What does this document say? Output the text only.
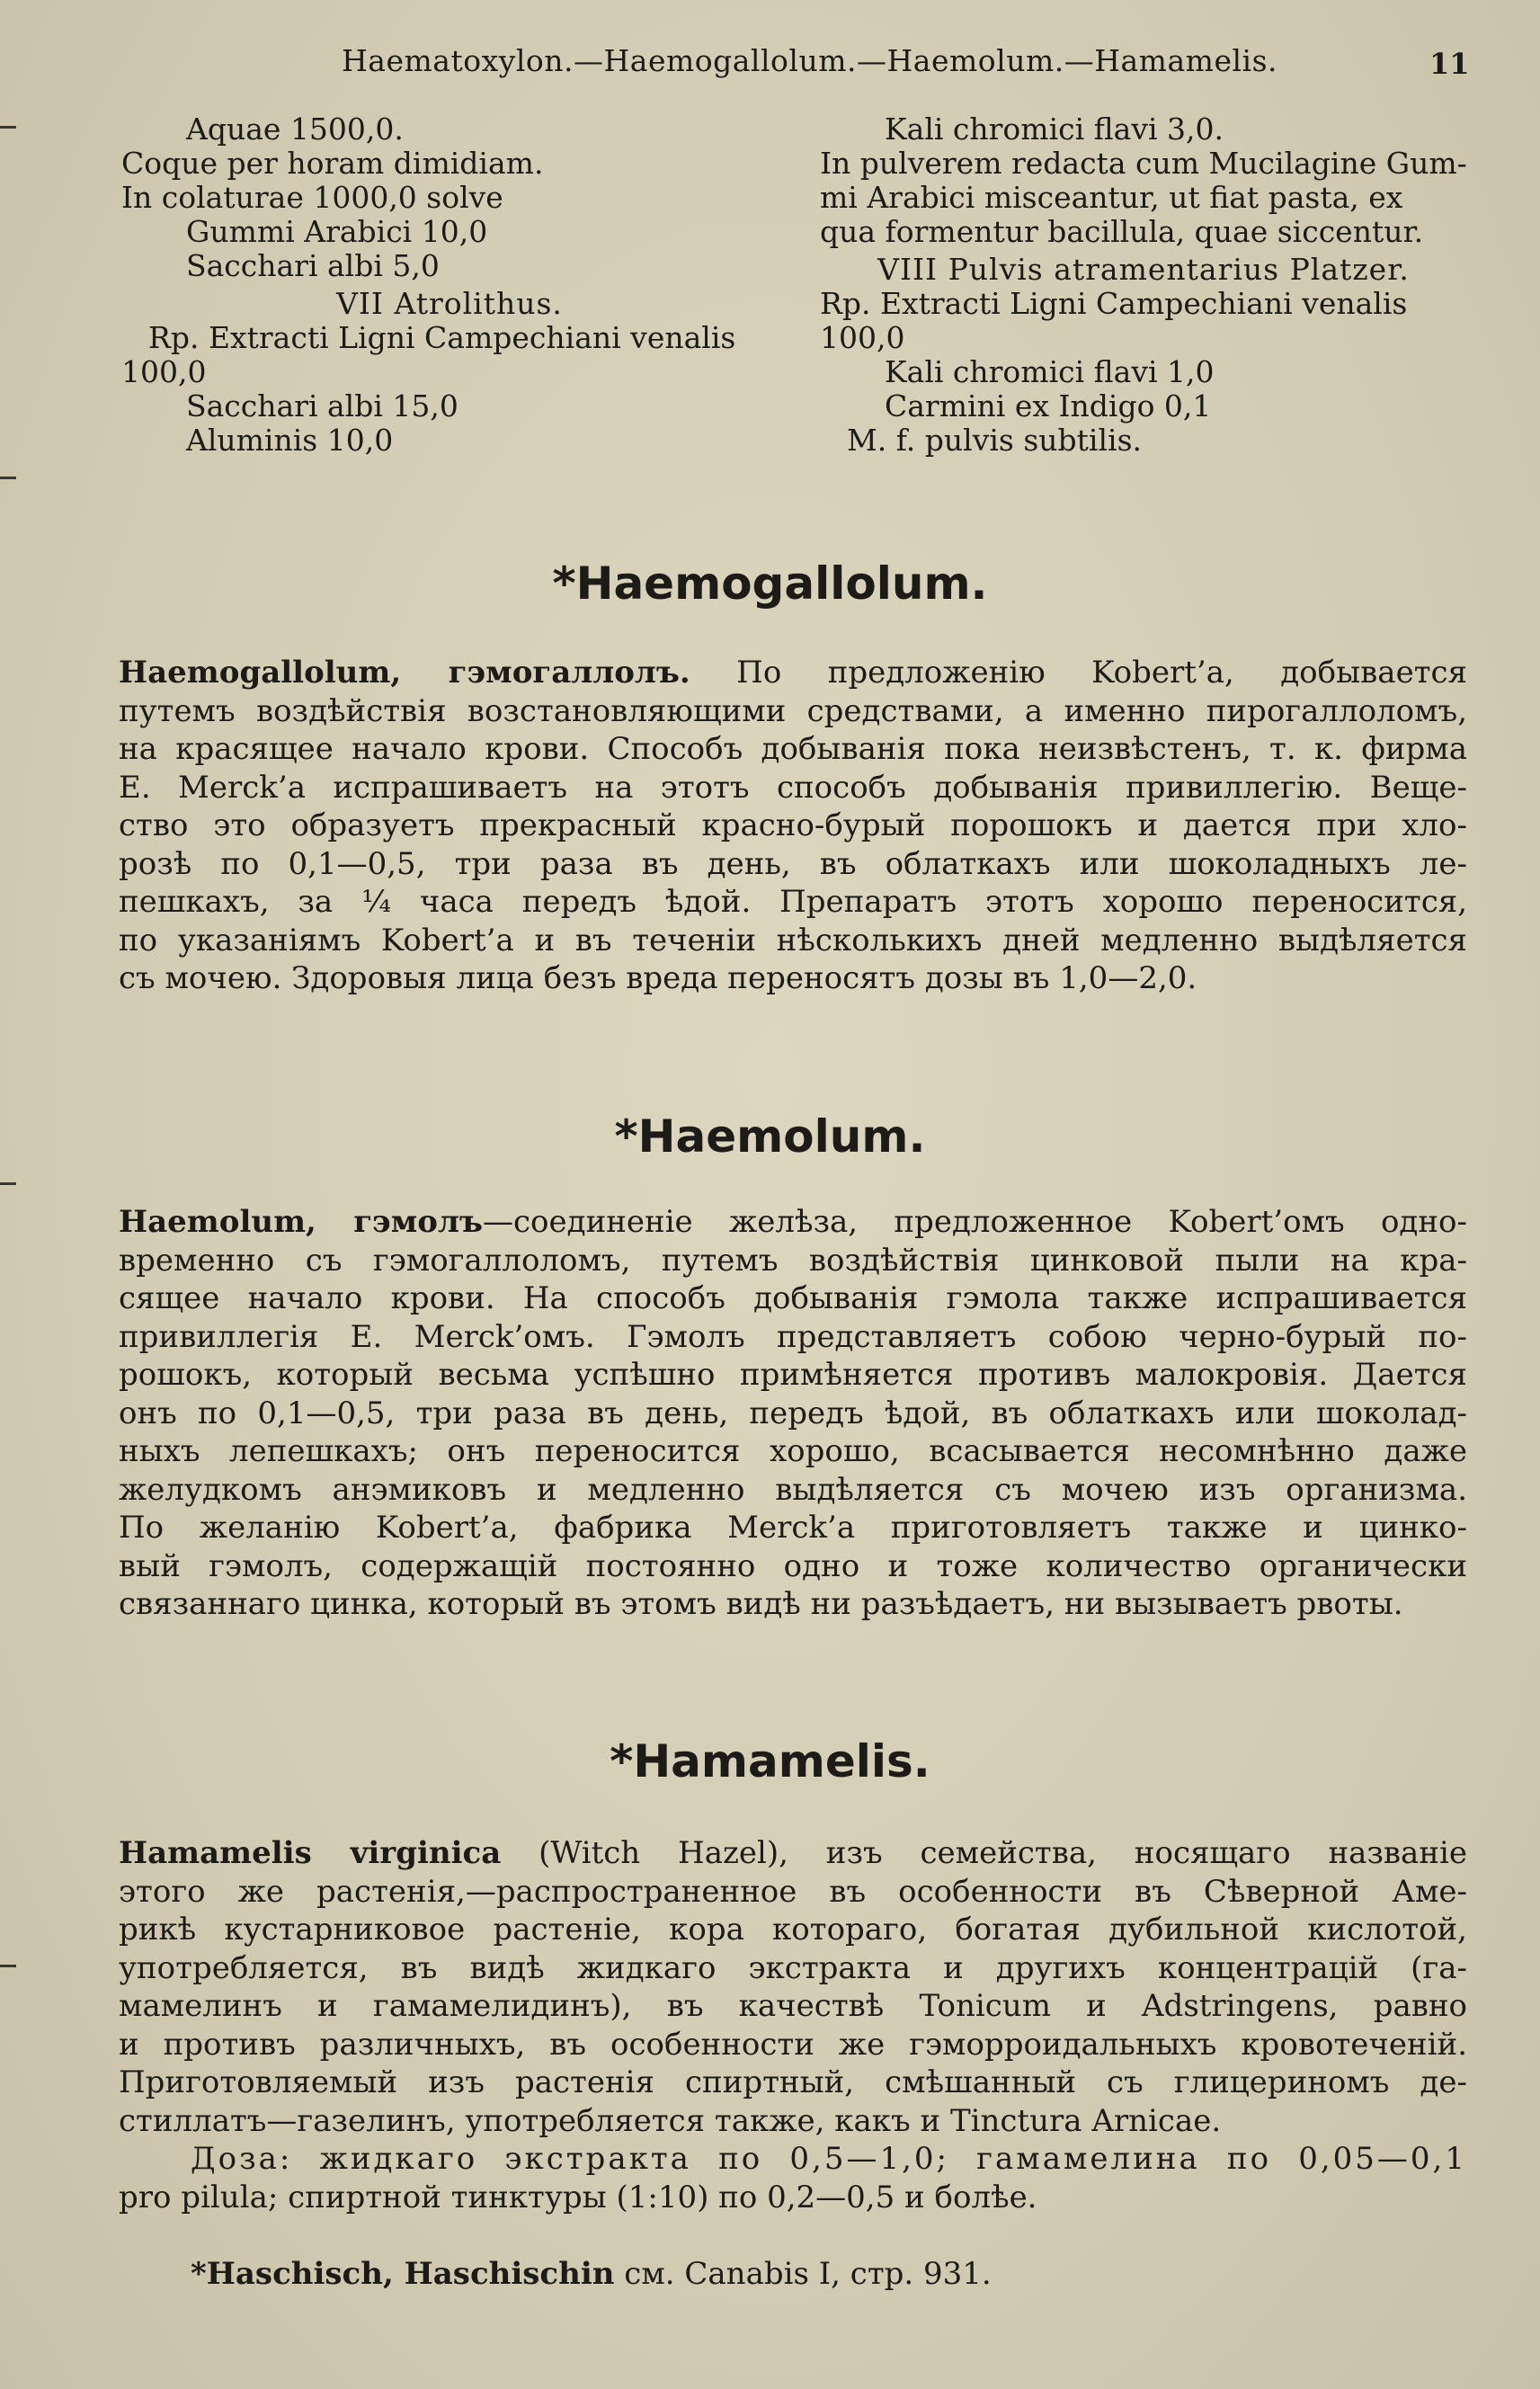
Haematoxylon.—Haemogallolum.—Haemolum.—Hamamelis.	11
Aquae 1500,0.
Coque per horam dimidiam.
In colaturae 1000,0 solve
Gummi Arabici 10,0
Sacchari albi 5,0
VII Atrolithus.
Rp. Extracti Ligni Campechiani venalis
100,0
Sacchari albi 15,0
Aluminis 10,0
Kali chromici flavi 3,0.
In pulverem redacta cum Mucilagine Gum-
mi Arabici misceantur, ut fiat pasta, ex
qua formentur bacillula, quae siccentur.
VIII Pulvis atramentarius Platzer.
Rp. Extracti Ligni Campechiani venalis
100,0
Kali chromici flavi 1,0
Carmini ex Indigo 0,1
M. f. pulvis subtilis.
*Haemogallolum.
Haemogallolum, гэмогаллолъ. По предложенію Kobert’a, добывается
путемъ воздѣйствія возстановляющими средствами, а именно пирогаллоломъ,
на красящее начало крови. Способъ добыванія пока неизвѣстенъ, т. к. фирма
E. Merck’a испрашиваетъ на этотъ способъ добыванія привиллегію. Веще-
ство это образуетъ прекрасный красно-бурый порошокъ и дается при хло-
розѣ по 0,1—0,5, три раза въ день, въ облаткахъ или шоколадныхъ ле-
пешкахъ, за ¼ часа передъ ѣдой. Препаратъ этотъ хорошо переносится,
по указаніямъ Kobert’a и въ теченіи нѣсколькихъ дней медленно выдѣляется
съ мочею. Здоровыя лица безъ вреда переносятъ дозы въ 1,0—2,0.
*Haemolum.
Haemolum, гэмолъ—соединеніе желѣза, предложенное Kobert’омъ одно-
временно съ гэмогаллоломъ, путемъ воздѣйствія цинковой пыли на кра-
сящее начало крови. На способъ добыванія гэмола также испрашивается
привиллегія E. Merck’омъ. Гэмолъ представляетъ собою черно-бурый по-
рошокъ, который весьма успѣшно примѣняется противъ малокровія. Дается
онъ по 0,1—0,5, три раза въ день, передъ ѣдой, въ облаткахъ или шоколад-
ныхъ лепешкахъ; онъ переносится хорошо, всасывается несомнѣнно даже
желудкомъ анэмиковъ и медленно выдѣляется съ мочею изъ организма.
По желанію Kobert’a, фабрика Merck’a приготовляетъ также и цинко-
вый гэмолъ, содержащій постоянно одно и тоже количество органически
связаннаго цинка, который въ этомъ видѣ ни разъѣдаетъ, ни вызываетъ рвоты.
*Hamamelis.
Hamamelis virginica (Witch Hazel), изъ семейства, носящаго названіе
этого же растенія,—распространенное въ особенности въ Сѣверной Аме-
рикѣ кустарниковое растеніе, кора котораго, богатая дубильной кислотой,
употребляется, въ видѣ жидкаго экстракта и другихъ концентрацій (га-
мамелинъ и гамамелидинъ), въ качествѣ Tonicum и Adstringens, равно
и противъ различныхъ, въ особенности же гэморроидальныхъ кровотеченій.
Приготовляемый изъ растенія спиртный, смѣшанный съ глицериномъ де-
стиллатъ—газелинъ, употребляется также, какъ и Tinctura Arnicae.
Доза: жидкаго экстракта по 0,5—1,0; гамамелина по 0,05—0,1
pro pilula; спиртной тинктуры (1:10) по 0,2—0,5 и болѣе.
*Haschisch, Haschischin см. Canabis I, стр. 931.
